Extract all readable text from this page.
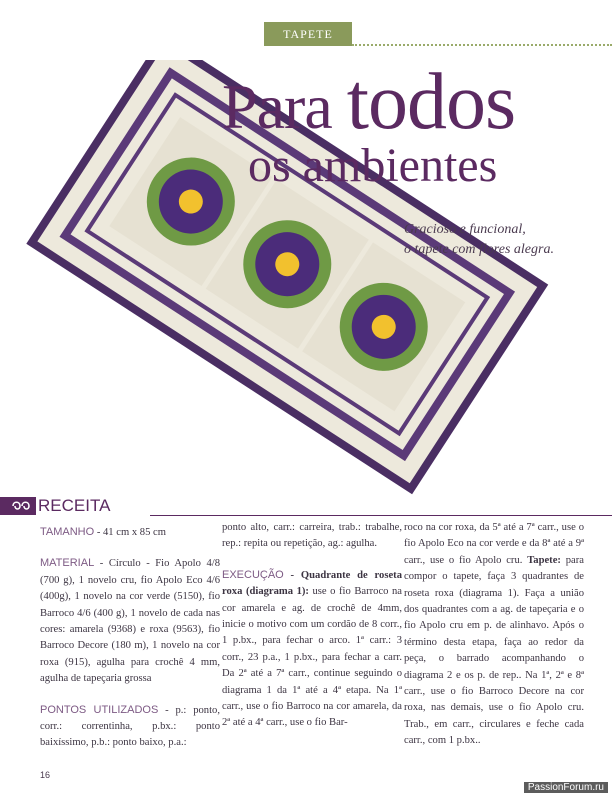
TAPETE
Para todos
os ambientes
Gracioso e funcional,
o tapete com flores alegra.
RECEITA

TAMANHO - 41 cm x 85 cm

MATERIAL - Círculo - Fio Apolo 4/8 (700 g), 1 novelo cru, fio Apolo Eco 4/6 (400g), 1 novelo na cor verde (5150), fio Barroco 4/6 (400 g), 1 novelo de cada nas cores: amarela (9368) e roxa (9563), fio Barroco Decore (180 m), 1 novelo na cor roxa (915), agulha para crochê 4 mm, agulha de tapeçaria grossa

PONTOS UTILIZADOS - p.: ponto, corr.: correntinha, p.bx.: ponto baixíssimo, p.b.: ponto baixo, p.a.:

ponto alto, carr.: carreira, trab.: trabalhe, rep.: repita ou repetição, ag.: agulha.

EXECUÇÃO - Quadrante de roseta roxa (diagrama 1): use o fio Barroco na cor amarela e ag. de crochê de 4mm, inicie o motivo com um cordão de 8 corr., 1 p.bx., para fechar o arco. 1ª carr.: 3 corr., 23 p.a., 1 p.bx., para fechar a carr. Da 2ª até a 7ª carr., continue seguindo o diagrama 1 da 1ª até a 4ª etapa. Na 1ª carr., use o fio Barroco na cor amarela, da 2ª até a 4ª carr., use o fio Bar-

roco na cor roxa, da 5ª até a 7ª carr., use o fio Apolo Eco na cor verde e da 8ª até a 9ª carr., use o fio Apolo cru. Tapete: para compor o tapete, faça 3 quadrantes de roseta roxa (diagrama 1). Faça a união dos quadrantes com a ag. de tapeçaria e o fio Apolo cru em p. de alinhavo. Após o término desta etapa, faça ao redor da peça, o barrado acompanhando o diagrama 2 e os p. de rep.. Na 1ª, 2ª e 8ª carr., use o fio Barroco Decore na cor roxa, nas demais, use o fio Apolo cru. Trab., em carr., circulares e feche cada carr., com 1 p.bx..

16
PassionForum.ru
